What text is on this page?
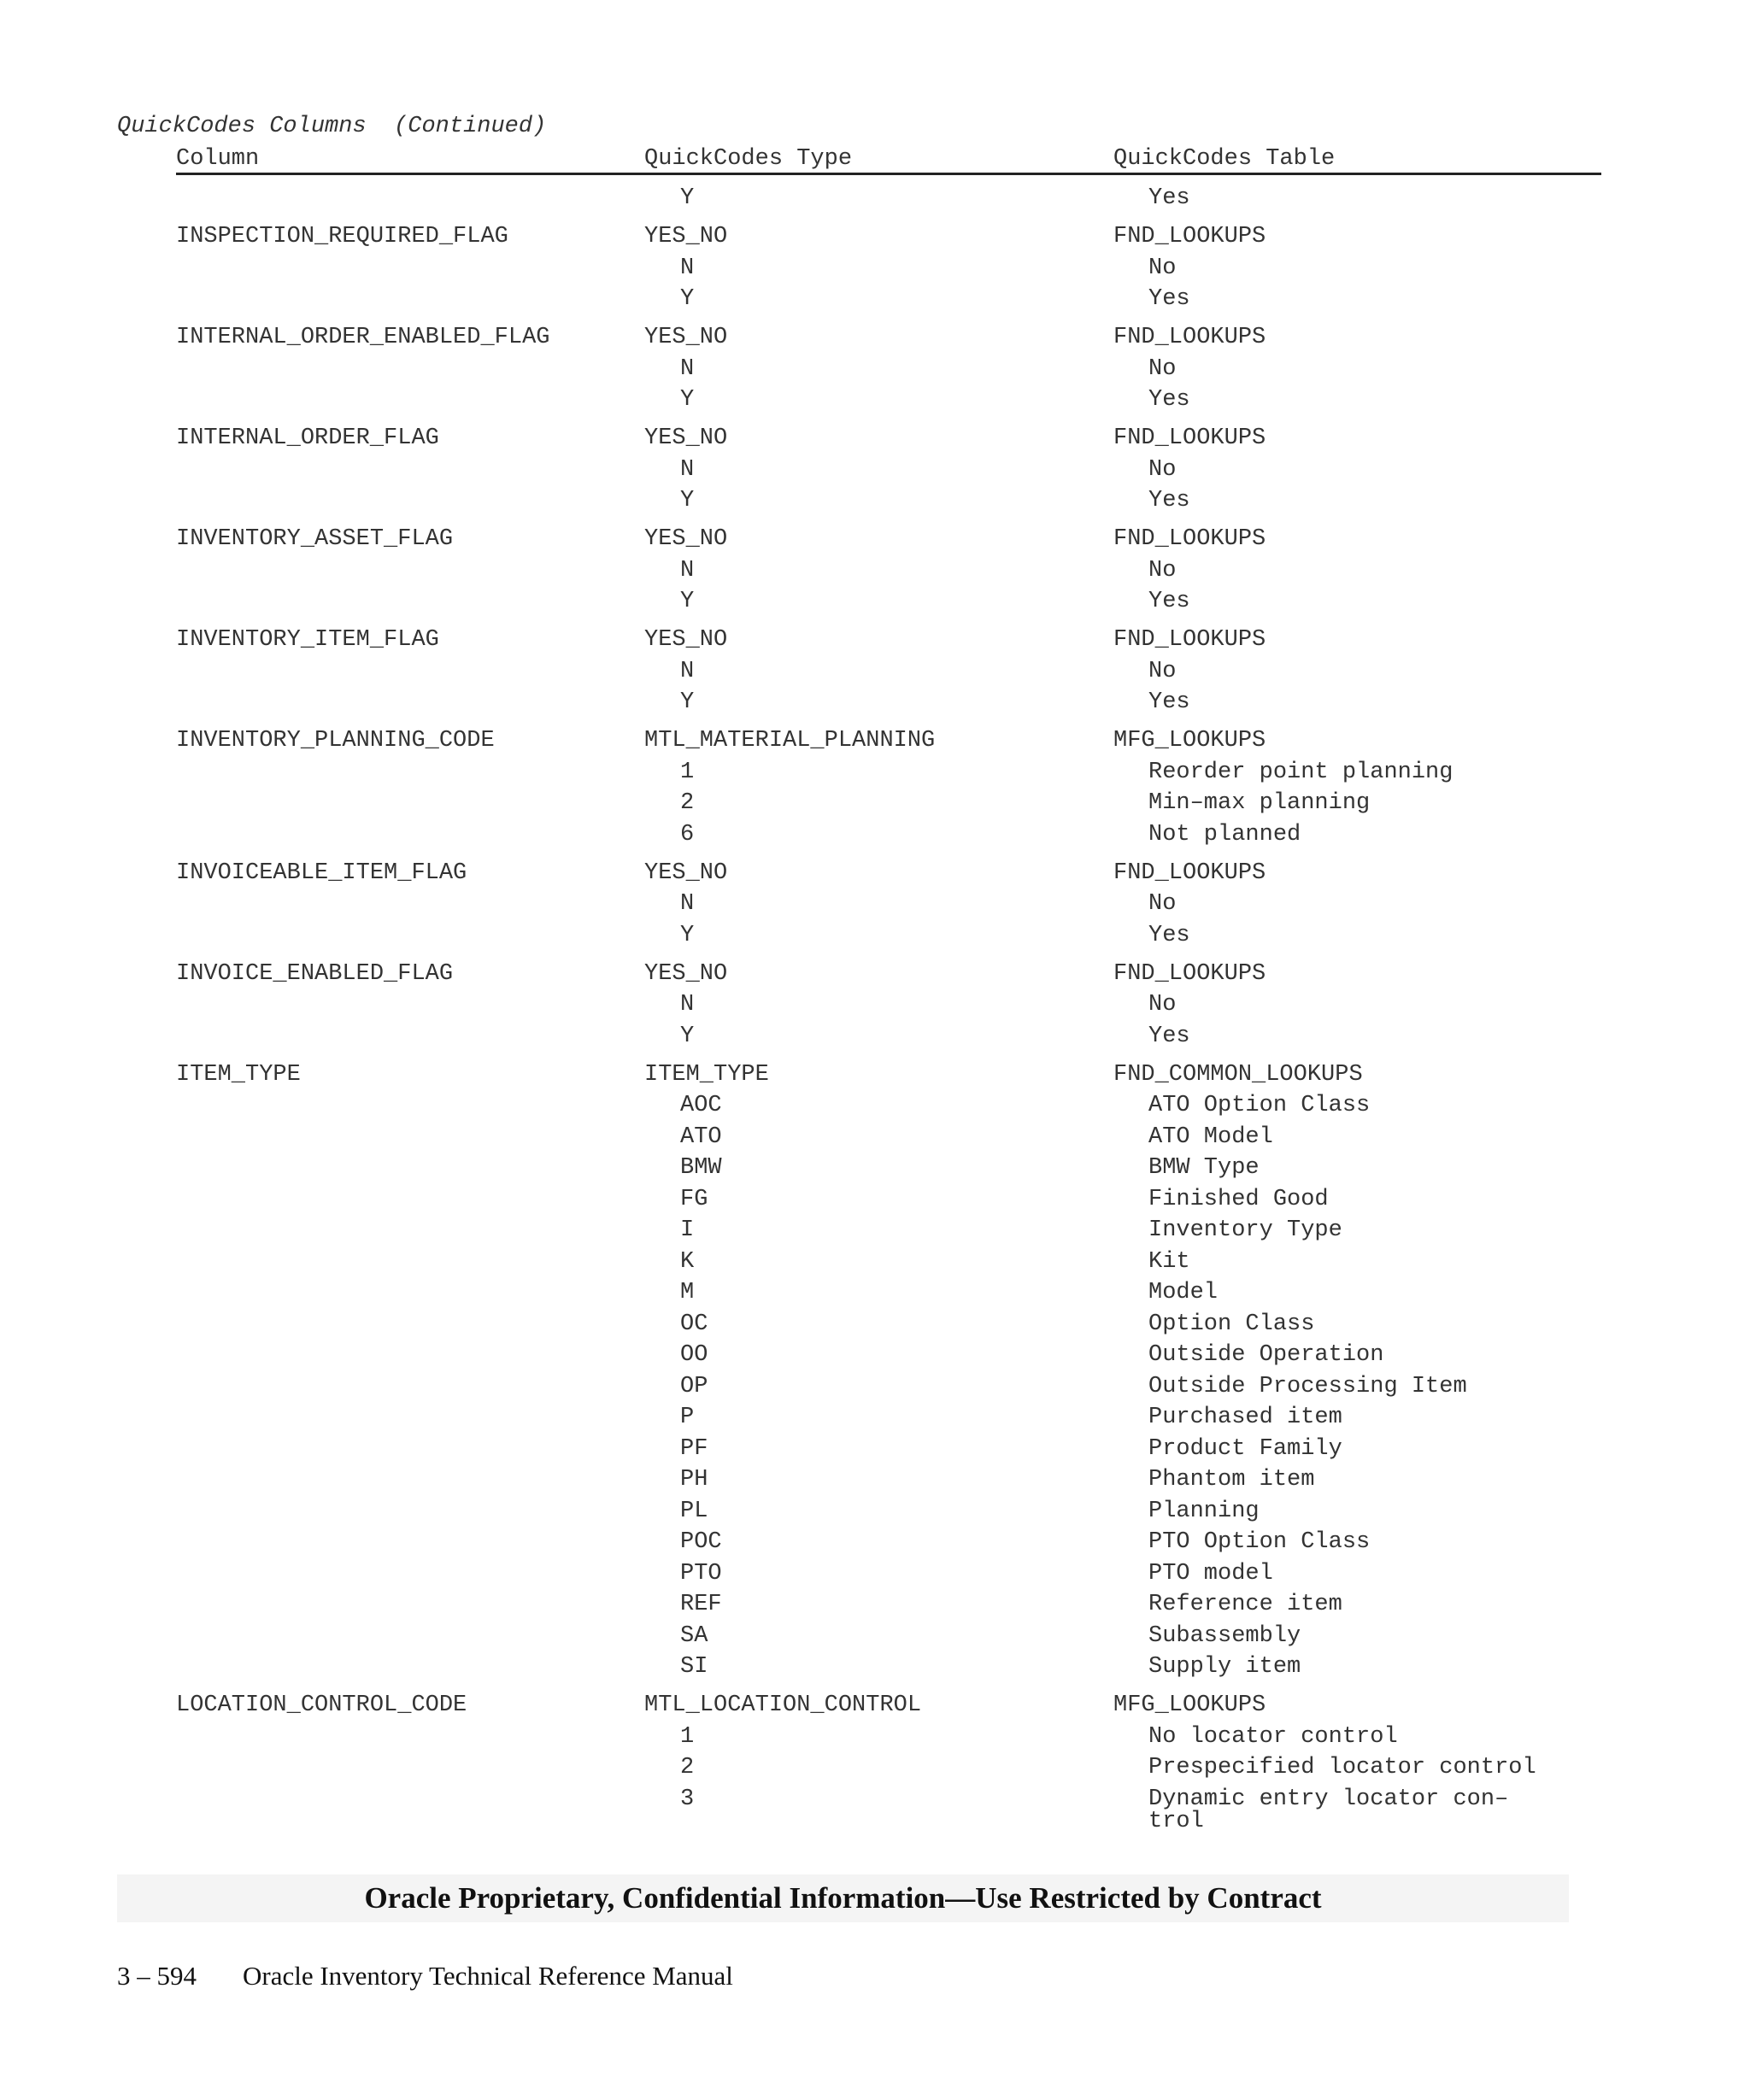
QuickCodes Columns  (Continued)

Column

	QuickCodes Type

	QuickCodes Table

Y	Yes
INSPECTION_REQUIRED_FLAG	YES_NO	FND_LOOKUPS
N	No
Y	Yes
INTERNAL_ORDER_ENABLED_FLAG	YES_NO	FND_LOOKUPS
N	No
Y	Yes
INTERNAL_ORDER_FLAG	YES_NO	FND_LOOKUPS
N	No
Y	Yes
INVENTORY_ASSET_FLAG	YES_NO	FND_LOOKUPS
N	No
Y	Yes
INVENTORY_ITEM_FLAG	YES_NO	FND_LOOKUPS
N	No
Y	Yes
INVENTORY_PLANNING_CODE	MTL_MATERIAL_PLANNING	MFG_LOOKUPS
1	Reorder point planning
2	Min–max planning
6	Not planned
INVOICEABLE_ITEM_FLAG	YES_NO	FND_LOOKUPS
N	No
Y	Yes
INVOICE_ENABLED_FLAG	YES_NO	FND_LOOKUPS
N	No
Y	Yes
ITEM_TYPE	ITEM_TYPE	FND_COMMON_LOOKUPS
AOC	ATO Option Class
ATO	ATO Model
BMW	BMW Type
FG	Finished Good
I	Inventory Type
K	Kit
M	Model
OC	Option Class
OO	Outside Operation
OP	Outside Processing Item
P	Purchased item
PF	Product Family
PH	Phantom item
PL	Planning
POC	PTO Option Class
PTO	PTO model
REF	Reference item
SA	Subassembly
SI	Supply item
LOCATION_CONTROL_CODE	MTL_LOCATION_CONTROL	MFG_LOOKUPS
1	No locator control
2	Prespecified locator control
3	Dynamic entry locator con–
trol
Oracle Proprietary, Confidential Information––Use Restricted by Contract
3 – 594 Oracle Inventory Technical Reference Manual
